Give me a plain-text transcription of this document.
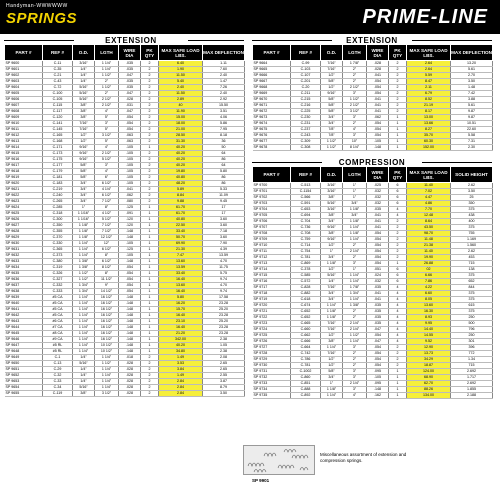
Handyman-WWWWWW
SPRINGS	PRIME-LINE
EXTENSION	EXTENSION
COMPRESSION
PART #	REF #	O.D.	LGTH	WIRE DIA	PK QTY	MAX SAFE LOAD LBS.	MAX DEFLECTION
SP 9600	C-11	3/16"	1 1/4"	.035	2	6.40	1.11
SP 9601	C-35	1/4"	1 1/4"	.035	2	1.90	7.60
SP 9602	C-21	1/4"	1 1/2"	.047	2	11.50	2.40
SP 9603	C-43	1/4"	2"	.035	2	5.40	1.47
SP 9604	C-72	5/16"	1 1/2"	.035	2	2.40	7.26
SP 9605	C-100	5/16"	2"	.047	2	11.50	2.40
SP 9606	C-105	5/16"	2 1/2"	.028	2	2.89	2.92
SP 9607	C-115	3/8"	2 1/2"	.031	2	40	15.50
SP 9608	C-117	3/8"	4"	.047	2	11.90	3.51
SP 9609	C-120	3/8"	5"	.054	2	15.00	4.06
SP 9610	C-141	7/16"	3"	.054	2	18.00	5.86
SP 9611	C-145	7/16"	5"	.054	2	21.00	7.95
SP 9612	C-165	1/2"	3 1/2"	.063	2	28.50	8.18
SP 9613	C-168	1/2"	5"	.063	2	31.30	36
SP 9614	C-171	9/16"	4"	.105	1	40.20	50
SP 9615	C-173	9/16"	2 1/2"	.105	2	40.20	64
SP 9616	C-175	9/16"	5 1/2"	.105	2	40.20	86
SP 9617	C-177	5/8"	3"	.105	2	40.20	64
SP 9618	C-179	5/8"	4"	.105	2	19.80	5.80
SP 9619	C-181	5/8"	6"	.105	2	40.80	86
SP 9620	C-183	3/4"	6 1/2"	.105	2	48.20	86
SP 9621	C-219	3/4"	4 1/4"	.041	2	5.89	5.33
SP 9622	C-240	3/4"	6 1/2"	.062	2	8.84	11.09
SP 9623	C-265	3/4"	7 1/2"	.080	2	9.88	9.45
SP 9624	C-285	1"	8"	.125	1	61.70	17
SP 9625	C-318	1 1/16"	4 1/2"	.091	1	61.70	17
SP 9626	C-300	1 1/16"	5 1/2"	.120	1	40.80	3.60
SP 9627	C-350	1 1/8"	7 1/2"	.120	1	22.50	3.60
SP 9628	C-355	1 1/8"	7 1/2"	.148	1	33.40	7.18
SP 9629	C-370	1 1/8"	12 1/2"	.148	1	50.70	3.60
SP 9630	C-330	1 1/4"	12"	.105	1	69.90	7.90
SP 9631	C-365	1 1/4"	6 1/2"	.125	1	21.30	4.39
SP 9632	C-373	1 1/4"	8"	.105	1	7.47	13.59
SP 9633	C-380	1 3/8"	6 1/2"	.148	1	13.60	4.70
SP 9634	C-319	1 3/8"	8 1/2"	.054	1	13.59	11.75
SP 9635	C-326	1 1/2"	8"	.054	1	33.40	5.75
SP 9636	C-327	1 1/2"	11 1/2"	.054	1	16.40	9.74
SP 9637	C-332	1 3/4"	9"	.054	1	13.60	4.70
SP 9638	C-333	1 3/4"	14 1/2"	.054	1	16.40	9.74
SP 9639	#5 CA	1 1/4"	16 1/2"	.148	1	5.80	17.58
SP 9640	#5 CA	1 1/4"	16 1/2"	.148	1	16.20	23.28
SP 9641	#5 CA	1 1/4"	16 1/2"	.148	1	15.70	25.20
SP 9642	#5 CA	1 1/4"	16 1/2"	.148	1	16.40	23.28
SP 9643	#6 CA	1 1/4"	16 1/2"	.148	1	23.10	25.20
SP 9644	#7 CA	1 1/4"	16 1/2"	.148	1	16.40	23.28
SP 9645	#8 CA	1 1/4"	16 1/2"	.148	1	21.20	23.28
SP 9646	#9 CA	1 1/4"	16 1/2"	.148	1	342.00	2.38
SP 9647	#5 RL	1 1/4"	10 1/2"	.148	1	40.20	1.05
SP 9648	#5 RL	1 1/4"	10 1/2"	.148	1	34.80	2.38
SP 9649	C-1	1/4"	1 1/4"	.018	2	1.49	2.08
SP 9650	C-13	5/16"	1 1/2"	.028	2	3.53	2.65
SP 9651	C-29	1/4"	1 1/4"	.028	2	3.84	2.65
SP 9652	C-32	1/4"	1 1/4"	.028	2	1.49	2.55
SP 9653	C-33	1/4"	1 1/4"	.028	2	2.84	3.87
SP 9654	C-34	5/16"	1 1/4"	.028	2	2.84	8.79
SP 9655	C-119	3/8"	3 1/2"	.028	2	2.84	3.50
PART #	REF #	O.D.	LGTH	WIRE DIA	PK QTY	MAX SAFE LOAD LBS.	MAX DEFLECTION
SP 9664	C-99	7/16"	1 7/8"	.028	2	2.64	13.20
SP 9665	C-103	7/16"	2"	.028	2	2.64	5.61
SP 9666	C-107	1/2"	2"	.041	2	5.59	2.70
SP 9667	C-201	5/8"	2"	.054	2	8.47	3.50
SP 9668	C-20	1/2"	2 1/2"	.054	2	2.11	1.48
SP 9669	C-211	9/16"	3"	.054	2	6.79	7.42
SP 9670	C-215	5/8"	1 1/2"	.041	2	8.52	3.88
SP 9671	C-216	5/8"	2 1/2"	.041	2	21.19	5.61
SP 9672	C-225	5/8"	3 1/2"	.041	2	8.17	9.87
SP 9673	C-230	3/4"	3"	.062	1	13.00	9.87
SP 9674	C-231	3/4"	2"	.054	1	13.66	10.51
SP 9675	C-237	7/8"	4"	.054	1	8.27	22.60
SP 9676	C-243	7/8"	3"	.054	1	35.70	5.58
SP 9677	C-309	1 1/2"	10"	.105	1	60.30	7.31
SP 9678	C-308	1 1/2"	8 1/4"	.148	1	152.00	2.30
PART #	REF #	O.D.	LGTH	WIRE DIA	PK QTY	MAX SAFE LOAD LBS.	SOLID HEIGHT
SP 9700	C-513	3/16"	1"	.025	6	11.40	2.62
SP 9701	C-1154	3/16"	1"	.032	6	7.02	3.50
SP 9702	C-566	3/8"	1"	.032	6	4.47	25
SP 9703	C-591	5/16"	3/4"	.032	6	4.86	350
SP 9704	C-653	3/16"	1 1/8"	.035	4	7.70	375
SP 9705	C-694	3/8"	3/4"	.041	4	12.48	438
SP 9706	C-704	3/4"	1 1/8"	.041	2	8.64	400
SP 9707	C-736	9/16"	1 1/4"	.041	2	43.50	375
SP 9708	C-708	3/8"	1 1/8"	.054	2	98.70	755
SP 9709	C-759	9/16"	1 1/4"	.054	2	11.48	1.169
SP 9710	C-714	1/2"	2"	.054	2	21.38	1.560
SP 9711	C-754	1"	2 1/4"	.054	2	11.40	2.62
SP 9712	C-781	3/4"	2"	.054	2	19.90	453
SP 9713	C-869	1 1/8"	3"	.054	1	26.88	715
SP 9714	C-378	1/2"	1"	.051	6	02	138
SP 9715	C-585	5/16"	1 1/4"	.024	6	6.66	375
SP 9716	C-572	1/4"	1 1/4"	.032	6	7.86	652
SP 9717	C-828	7/16"	1 7/8"	.035	4	4.22	844
SP 9718	C-882	3/4"	1 3/4"	.041	4	6.60	375
SP 9719	C-618	3/4"	1 1/4"	.041	4	8.05	375
SP 9720	C-674	1 1/4"	1 3/8"	.035	4	13.60	615
SP 9721	C-652	1 1/8"	2"	.035	4	16.30	375
SP 9722	C-652	1 1/8"	2"	.035	4	8.93	250
SP 9723	C-665	7/16"	2 1/4"	.035	4	9.95	500
SP 9724	C-660	7/16"	2 1/4"	.047	4	14.40	796
SP 9725	C-662	1/2"	1 1/2"	.054	4	14.55	250
SP 9726	C-666	3/8"	1 1/4"	.047	4	9.52	301
SP 9727	C-664	1 1/4"	3"	.054	2	12.90	396
SP 9728	C-742	7/16"	2"	.054	2	13.73	772
SP 9729	C-786	1/2"	2"	.054	2	34.29	1.34
SP 9730	C-781	1/2"	2"	.054	2	18.87	715
SP 9731	C-1002	5/8"	3"	.095	1	124.00	2.692
SP 9732	C-860	3/4"	3"	.105	1	68.90	1.717
SP 9733	C-851	1"	2 1/4"	.095	1	62.70	2.692
SP 9734	C-888	1 1/8"	3"	.148	1	88.26	1.855
SP 9735	C-892	1 1/4"	4"	.162	1	134.00	2.188
SP 9901
Miscellaneous assortment of extension and compression springs.
